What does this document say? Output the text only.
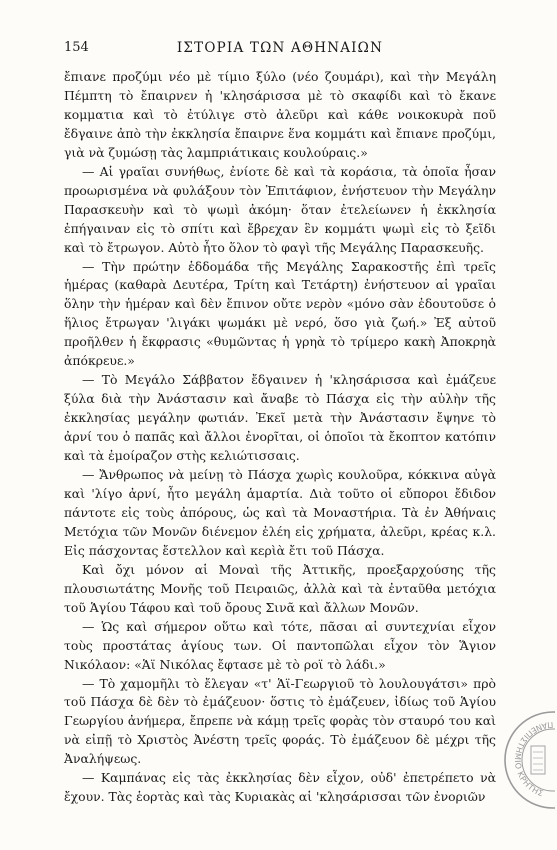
154	ΙΣΤΟΡΙΑ ΤΩΝ ΑΘΗΝΑΙΩΝ

ἔπιανε προζύμι νέο μὲ τίμιο ξύλο (νέο ζουμάρι), καὶ τὴν Μεγάλη Πέμπτη τὸ ἔπαιρνεν ἡ 'κλησάρισσα μὲ τὸ σκαφίδι καὶ τὸ ἔκανε κομματια καὶ τὸ ἐτύλιγε στὸ ἀλεῦρι καὶ κάθε νοικοκυρὰ ποῦ ἔδγαινε ἀπὸ τὴν ἐκκλησία ἔπαιρνε ἕνα κομμάτι καὶ ἔπιανε προζύμι, γιὰ νὰ ζυμώσῃ τὰς λαμπριάτικαις κουλούραις.»

— Αἱ γραῖαι συνήθως, ἐνίοτε δὲ καὶ τὰ κοράσια, τὰ ὁποῖα ἦσαν προωρισμένα νὰ φυλάξουν τὸν Ἐπιτάφιον, ἐνήστευον τὴν Μεγάλην Παρασκευὴν καὶ τὸ ψωμὶ ἀκόμη· ὅταν ἐτελείωνεν ἡ ἐκκλησία ἐπήγαιναν εἰς τὸ σπίτι καὶ ἔβρεχαν ἓν κομμάτι ψωμὶ εἰς τὸ ξεῖδι καὶ τὸ ἔτρωγον. Αὐτὸ ἦτο ὅλον τὸ φαγὶ τῆς Μεγάλης Παρασκευῆς.

— Τὴν πρώτην ἑδδομάδα τῆς Μεγάλης Σαρακοστῆς ἐπὶ τρεῖς ἡμέρας (καθαρὰ Δευτέρα, Τρίτη καὶ Τετάρτη) ἐνήστευον αἱ γραῖαι ὅλην τὴν ἡμέραν καὶ δὲν ἔπινον οὔτε νερὸν «μόνο σὰν ἐδουτοῦσε ὁ ἥλιος ἔτρωγαν 'λιγάκι ψωμάκι μὲ νερό, ὅσο γιὰ ζωή.» Ἐξ αὐτοῦ προῆλθεν ἡ ἔκφρασις «θυμῶντας ἡ γρηὰ τὸ τρίμερο κακὴ Ἀποκρηὰ ἀπόκρευε.»

— Τὸ Μεγάλο Σάββατον ἔδγαινεν ἡ 'κλησάρισσα καὶ ἐμάζευε ξύλα διὰ τὴν Ἀνάστασιν καὶ ἄναβε τὸ Πάσχα εἰς τὴν αὐλὴν τῆς ἐκκλησίας μεγάλην φωτιάν. Ἐκεῖ μετὰ τὴν Ἀνάστασιν ἔψηνε τὸ ἀρνί του ὁ παπᾶς καὶ ἄλλοι ἐνορῖται, οἱ ὁποῖοι τὰ ἔκοπτον κατόπιν καὶ τὰ ἐμοίραζον στὴς κελιώτισσαις.

— Ἄνθρωπος νὰ μείνῃ τὸ Πάσχα χωρὶς κουλοῦρα, κόκκινα αὐγὰ καὶ 'λίγο ἀρνί, ἦτο μεγάλη ἁμαρτία. Διὰ τοῦτο οἱ εὔποροι ἔδιδον πάντοτε εἰς τοὺς ἀπόρους, ὡς καὶ τὰ Μοναστήρια. Τὰ ἐν Ἀθήναις Μετόχια τῶν Μονῶν διένεμον ἐλέη εἰς χρήματα, ἀλεῦρι, κρέας κ.λ. Εἰς πάσχοντας ἔστελλον καὶ κερὶὰ ἔτι τοῦ Πάσχα.

Καὶ ὄχι μόνον αἱ Μοναὶ τῆς Ἀττικῆς, προεξαρχούσης τῆς πλουσιωτάτης Μονῆς τοῦ Πειραιῶς, ἀλλὰ καὶ τὰ ἐνταῦθα μετόχια τοῦ Ἁγίου Τάφου καὶ τοῦ ὄρους Σινᾶ καὶ ἄλλων Μονῶν.

— Ὡς καὶ σήμερον οὕτω καὶ τότε, πᾶσαι αἱ συντεχνίαι εἶχον τοὺς προστάτας ἁγίους των. Οἱ παντοπῶλαι εἶχον τὸν Ἅγιον Νικόλαον: «Ἁϊ Νικόλας ἔφτασε μὲ τὸ ροϊ τὸ λάδι.»

— Τὸ χαμομῆλι τὸ ἔλεγαν «τ' Ἁϊ-Γεωργιοῦ τὸ λουλουγάτσι» πρὸ τοῦ Πάσχα δὲ δὲν τὸ ἐμάζευον· ὅστις τὸ ἐμάζευεν, ἰδίως τοῦ Ἁγίου Γεωργίου ἀνήμερα, ἔπρεπε νὰ κάμῃ τρεῖς φορὰς τὸν σταυρό του καὶ νὰ εἰπῇ τὸ Χριστὸς Ἀνέστη τρεῖς φοράς. Τὸ ἐμάζευον δὲ μέχρι τῆς Ἀναλήψεως.

— Καμπάνας εἰς τὰς ἐκκλησίας δὲν εἶχον, οὐδ' ἐπετρέπετο νὰ ἔχουν. Τὰς ἑορτὰς καὶ τὰς Κυριακὰς αἱ 'κλησάρισσαι τῶν ἐνοριῶν

ΠΑΝΕΠΙΣΤΗΜΙΟ ΚΡΗΤΗΣ
